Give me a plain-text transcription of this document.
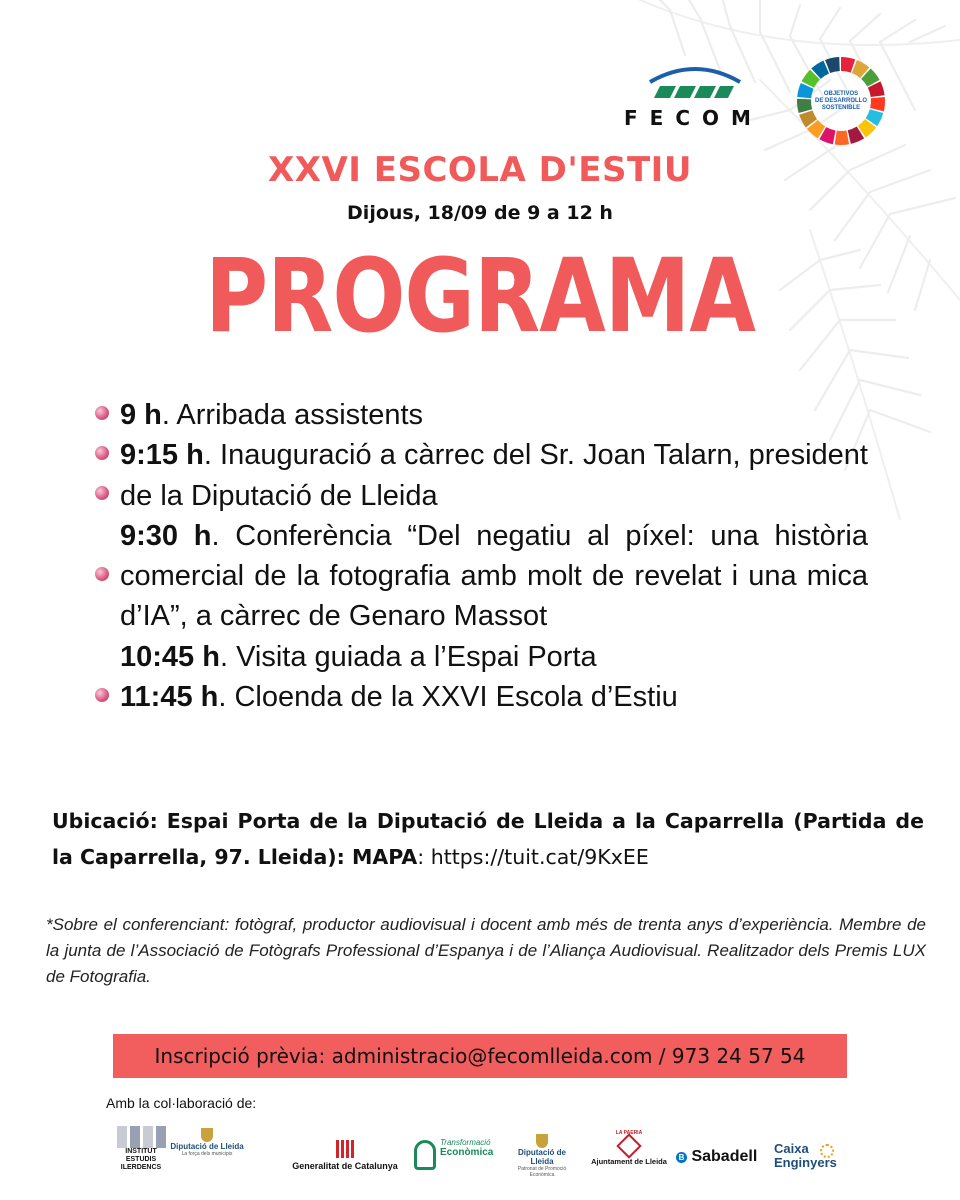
FECOM
OBJETIVOS
DE DESARROLLO
SOSTENIBLE
XXVI ESCOLA D'ESTIU
Dijous, 18/09 de 9 a 12 h
PROGRAMA

9 h. Arribada assistents

9:15 h. Inauguració a càrrec del Sr. Joan Talarn, president de la Diputació de Lleida

9:30 h. Conferència “Del negatiu al píxel: una història comercial de la fotografia amb molt de revelat i una mica d’IA”, a càrrec de Genaro Massot

10:45 h. Visita guiada a l’Espai Porta

11:45 h. Cloenda de la XXVI Escola d’Estiu

Ubicació: Espai Porta de la Diputació de Lleida a la Caparrella (Partida de la Caparrella, 97. Lleida): MAPA: https://tuit.cat/9KxEE
*Sobre el conferenciant: fotògraf, productor audiovisual i docent amb més de trenta anys d’experiència. Membre de la junta de l’Associació de Fotògrafs Professional d’Espanya i de l’Aliança Audiovisual. Realitzador dels Premis LUX de Fotografia.
Inscripció prèvia: administracio@fecomlleida.com / 973 24 57 54
Amb la col·laboració de:
INSTITUT
ESTUDIS
ILERDENCS
Diputació de Lleida
La força dels municipis
Generalitat de Catalunya
Transformació
Econòmica	Diputació de Lleida
Patronat de Promoció Econòmica
LA PAERIA
Ajuntament de Lleida	B Sabadell	Caixa
Enginyers
